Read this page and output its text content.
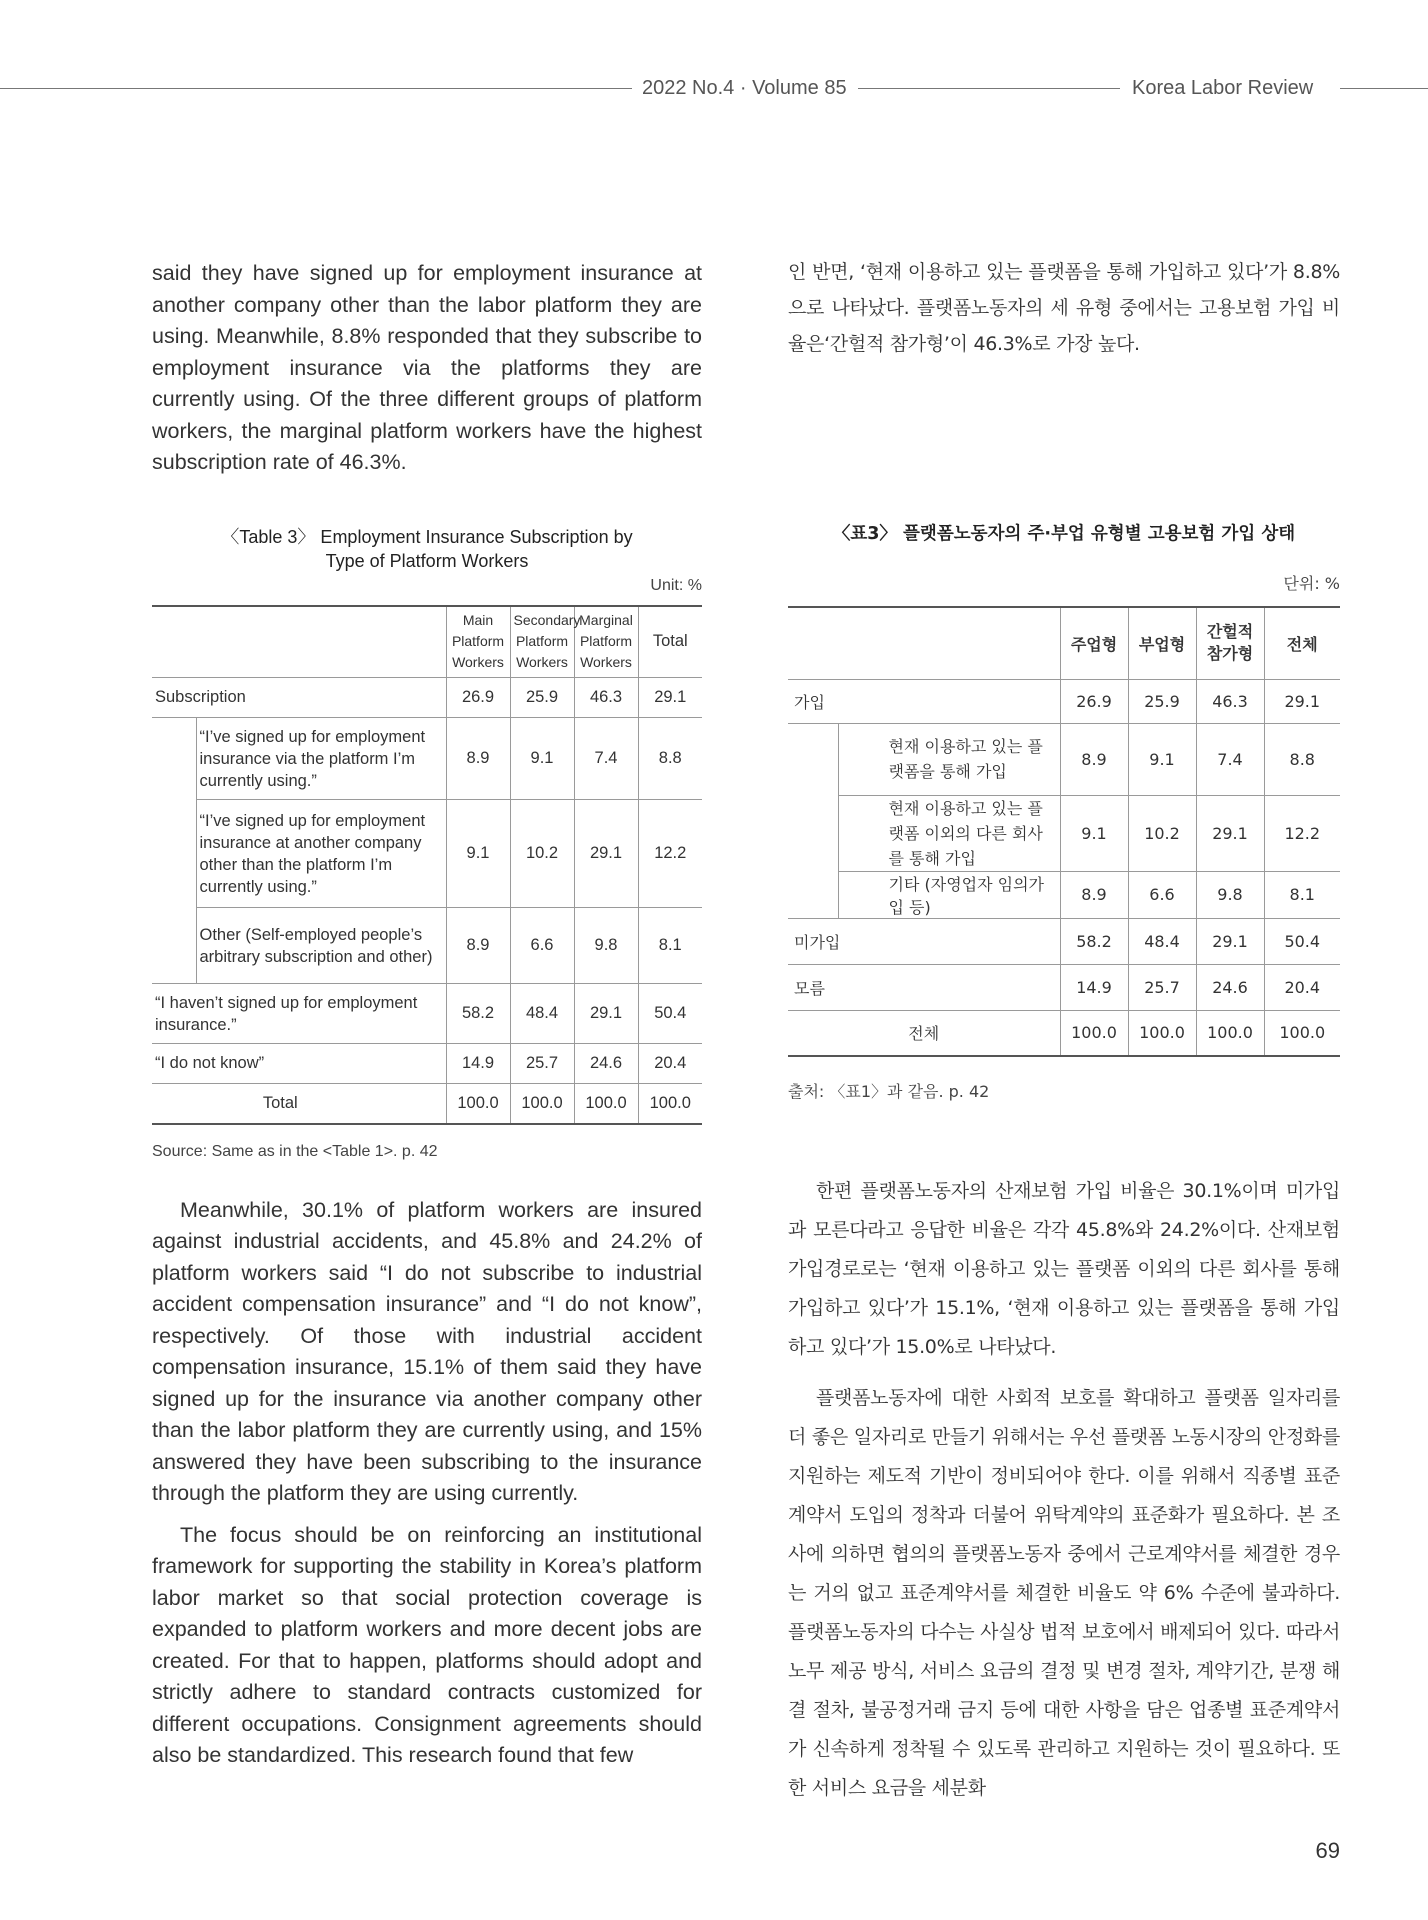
2022 No.4 · Volume 85	Korea Labor Review

said they have signed up for employment insurance at another company other than the labor platform they are using. Meanwhile, 8.8% responded that they subscribe to employment insurance via the platforms they are currently using. Of the three different groups of platform workers, the marginal platform workers have the highest subscription rate of 46.3%.

〈Table 3〉 Employment Insurance Subscription by
Type of Platform Workers
Unit: %
		Main Platform Workers	Secondary Platform Workers	Marginal Platform Workers	Total
Subscription		26.9	25.9	46.3	29.1
	“I’ve signed up for employment insurance via the platform I’m currently using.”	8.9	9.1	7.4	8.8
	“I’ve signed up for employment insurance at another company other than the platform I’m currently using.”	9.1	10.2	29.1	12.2
	Other (Self-employed people’s arbitrary subscription and other)	8.9	6.6	9.8	8.1
“I haven’t signed up for employment insurance.”		58.2	48.4	29.1	50.4
“I do not know”		14.9	25.7	24.6	20.4
Total		100.0	100.0	100.0	100.0
Source: Same as in the <Table 1>. p. 42

Meanwhile, 30.1% of platform workers are insured against industrial accidents, and 45.8% and 24.2% of platform workers said “I do not subscribe to industrial accident compensation insurance” and “I do not know”, respectively. Of those with industrial accident compensation insurance, 15.1% of them said they have signed up for the insurance via another company other than the labor platform they are currently using, and 15% answered they have been subscribing to the insurance through the platform they are using currently.

The focus should be on reinforcing an institutional framework for supporting the stability in Korea’s platform labor market so that social protection coverage is expanded to platform workers and more decent jobs are created. For that to happen, platforms should adopt and strictly adhere to standard contracts customized for different occupations. Consignment agreements should also be standardized. This research found that few

인 반면, ‘현재 이용하고 있는 플랫폼을 통해 가입하고 있다’가 8.8%으로 나타났다. 플랫폼노동자의 세 유형 중에서는 고용보험 가입 비율은‘간헐적 참가형’이 46.3%로 가장 높다.

〈표3〉 플랫폼노동자의 주·부업 유형별 고용보험 가입 상태
단위: %
		주업형	부업형	간헐적 참가형	전체
가입		26.9	25.9	46.3	29.1
	현재 이용하고 있는 플랫폼을 통해 가입	8.9	9.1	7.4	8.8
	현재 이용하고 있는 플랫폼 이외의 다른 회사를 통해 가입	9.1	10.2	29.1	12.2
	기타 (자영업자 임의가입 등)	8.9	6.6	9.8	8.1
미가입		58.2	48.4	29.1	50.4
모름		14.9	25.7	24.6	20.4
전체		100.0	100.0	100.0	100.0
출처: 〈표1〉과 같음. p. 42

한편 플랫폼노동자의 산재보험 가입 비율은 30.1%이며 미가입과 모른다라고 응답한 비율은 각각 45.8%와 24.2%이다. 산재보험 가입경로로는 ‘현재 이용하고 있는 플랫폼 이외의 다른 회사를 통해 가입하고 있다’가 15.1%, ‘현재 이용하고 있는 플랫폼을 통해 가입하고 있다’가 15.0%로 나타났다.

플랫폼노동자에 대한 사회적 보호를 확대하고 플랫폼 일자리를 더 좋은 일자리로 만들기 위해서는 우선 플랫폼 노동시장의 안정화를 지원하는 제도적 기반이 정비되어야 한다. 이를 위해서 직종별 표준계약서 도입의 정착과 더불어 위탁계약의 표준화가 필요하다. 본 조사에 의하면 협의의 플랫폼노동자 중에서 근로계약서를 체결한 경우는 거의 없고 표준계약서를 체결한 비율도 약 6% 수준에 불과하다. 플랫폼노동자의 다수는 사실상 법적 보호에서 배제되어 있다. 따라서 노무 제공 방식, 서비스 요금의 결정 및 변경 절차, 계약기간, 분쟁 해결 절차, 불공정거래 금지 등에 대한 사항을 담은 업종별 표준계약서가 신속하게 정착될 수 있도록 관리하고 지원하는 것이 필요하다. 또한 서비스 요금을 세분화

69
